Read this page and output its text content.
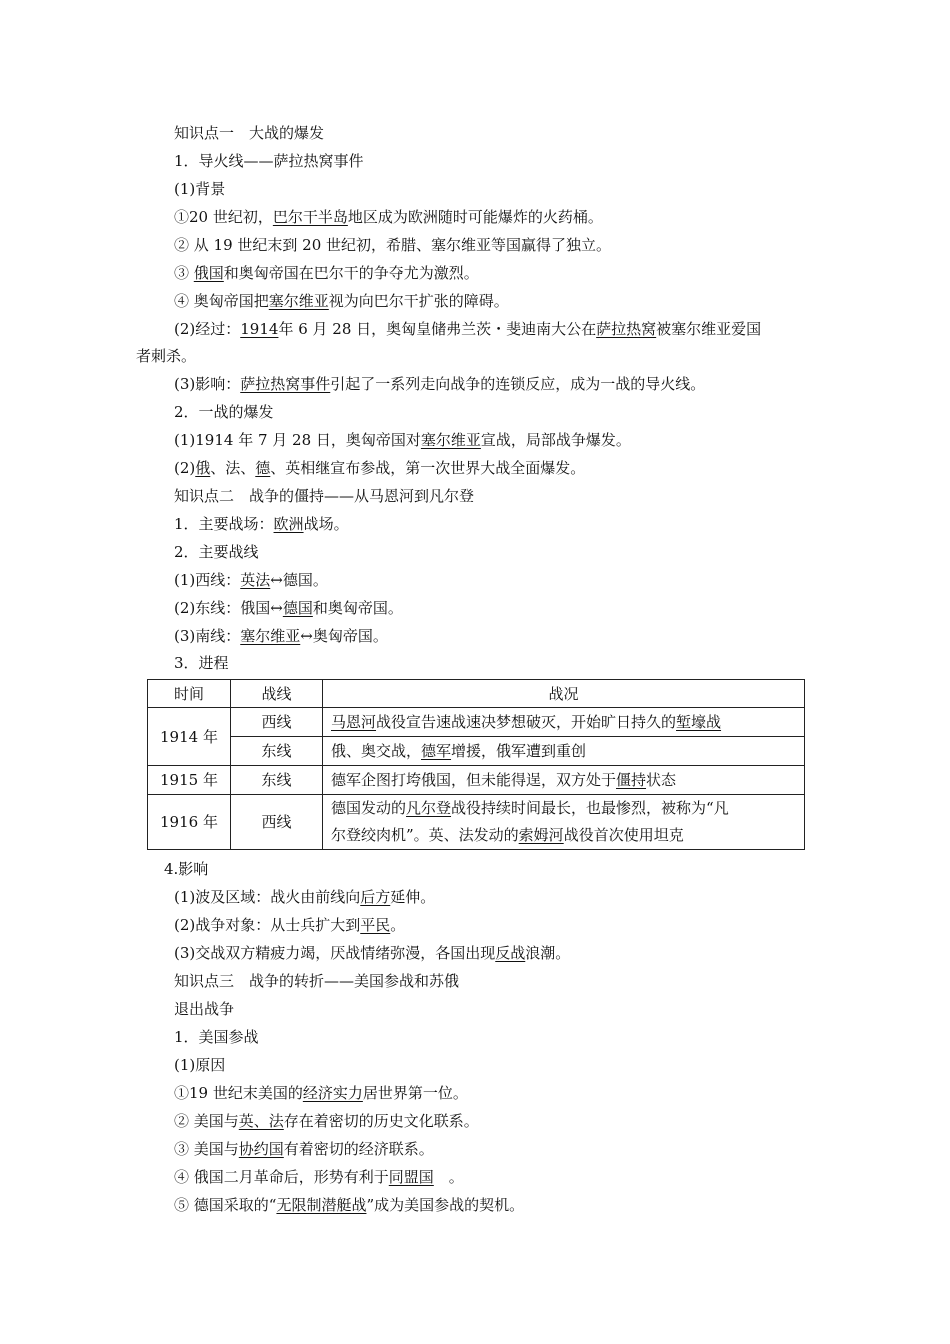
知识点一　大战的爆发
1．导火线——萨拉热窝事件
(1)背景
①20 世纪初，巴尔干半岛地区成为欧洲随时可能爆炸的火药桶。
② 从 19 世纪末到 20 世纪初，希腊、塞尔维亚等国赢得了独立。
③ 俄国和奥匈帝国在巴尔干的争夺尤为激烈。
④ 奥匈帝国把塞尔维亚视为向巴尔干扩张的障碍。
(2)经过：1914年 6 月 28 日，奥匈皇储弗兰茨・斐迪南大公在萨拉热窝被塞尔维亚爱国
者刺杀。
(3)影响：萨拉热窝事件引起了一系列走向战争的连锁反应，成为一战的导火线。
2．一战的爆发
(1)1914 年 7 月 28 日，奥匈帝国对塞尔维亚宣战，局部战争爆发。
(2)俄、法、德、英相继宣布参战，第一次世界大战全面爆发。
知识点二　战争的僵持——从马恩河到凡尔登
1．主要战场：欧洲战场。
2．主要战线
(1)西线：英法↔德国。
(2)东线：俄国↔德国和奥匈帝国。
(3)南线：塞尔维亚↔奥匈帝国。
3．进程
时间	战线	战况
1914 年	西线	马恩河战役宣告速战速决梦想破灭，开始旷日持久的堑壕战
	东线	俄、奥交战，德军增援，俄军遭到重创
1915 年	东线	德军企图打垮俄国，但未能得逞，双方处于僵持状态
1916 年	西线	德国发动的凡尔登战役持续时间最长，也最惨烈，被称为“凡
尔登绞肉机”。英、法发动的索姆河战役首次使用坦克
4.影响
(1)波及区域：战火由前线向后方延伸。
(2)战争对象：从士兵扩大到平民。
(3)交战双方精疲力竭，厌战情绪弥漫，各国出现反战浪潮。
知识点三　战争的转折——美国参战和苏俄
退出战争
1．美国参战
(1)原因
①19 世纪末美国的经济实力居世界第一位。
② 美国与英、法存在着密切的历史文化联系。
③ 美国与协约国有着密切的经济联系。
④ 俄国二月革命后，形势有利于同盟国　。
⑤ 德国采取的“无限制潜艇战”成为美国参战的契机。
